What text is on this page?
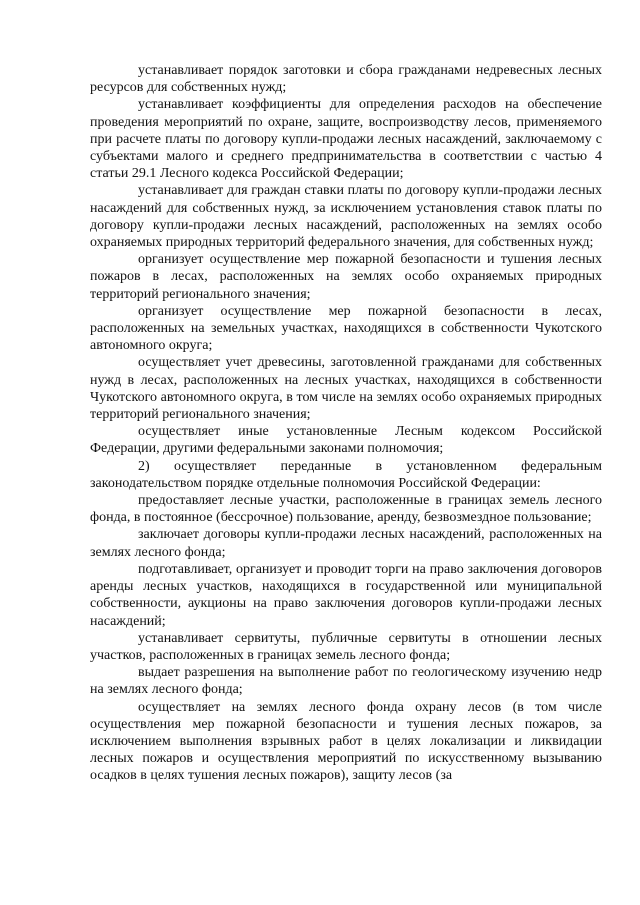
устанавливает порядок заготовки и сбора гражданами недревесных лесных ресурсов для собственных нужд;

устанавливает коэффициенты для определения расходов на обеспечение проведения мероприятий по охране, защите, воспроизводству лесов, применяемого при расчете платы по договору купли-продажи лесных насаждений, заключаемому с субъектами малого и среднего предпринимательства в соответствии с частью 4 статьи 29.1 Лесного кодекса Российской Федерации;

устанавливает для граждан ставки платы по договору купли-продажи лесных насаждений для собственных нужд, за исключением установления ставок платы по договору купли-продажи лесных насаждений, расположенных на землях особо охраняемых природных территорий федерального значения, для собственных нужд;

организует осуществление мер пожарной безопасности и тушения лесных пожаров в лесах, расположенных на землях особо охраняемых природных территорий регионального значения;

организует осуществление мер пожарной безопасности в лесах, расположенных на земельных участках, находящихся в собственности Чукотского автономного округа;

осуществляет учет древесины, заготовленной гражданами для собственных нужд в лесах, расположенных на лесных участках, находящихся в собственности Чукотского автономного округа, в том числе на землях особо охраняемых природных территорий регионального значения;

осуществляет иные установленные Лесным кодексом Российской Федерации, другими федеральными законами полномочия;

2) осуществляет переданные в установленном федеральным законодательством порядке отдельные полномочия Российской Федерации:

предоставляет лесные участки, расположенные в границах земель лесного фонда, в постоянное (бессрочное) пользование, аренду, безвозмездное пользование;

заключает договоры купли-продажи лесных насаждений, расположенных на землях лесного фонда;

подготавливает, организует и проводит торги на право заключения договоров аренды лесных участков, находящихся в государственной или муниципальной собственности, аукционы на право заключения договоров купли-продажи лесных насаждений;

устанавливает сервитуты, публичные сервитуты в отношении лесных участков, расположенных в границах земель лесного фонда;

выдает разрешения на выполнение работ по геологическому изучению недр на землях лесного фонда;

осуществляет на землях лесного фонда охрану лесов (в том числе осуществления мер пожарной безопасности и тушения лесных пожаров, за исключением выполнения взрывных работ в целях локализации и ликвидации лесных пожаров и осуществления мероприятий по искусственному вызыванию осадков в целях тушения лесных пожаров), защиту лесов (за
